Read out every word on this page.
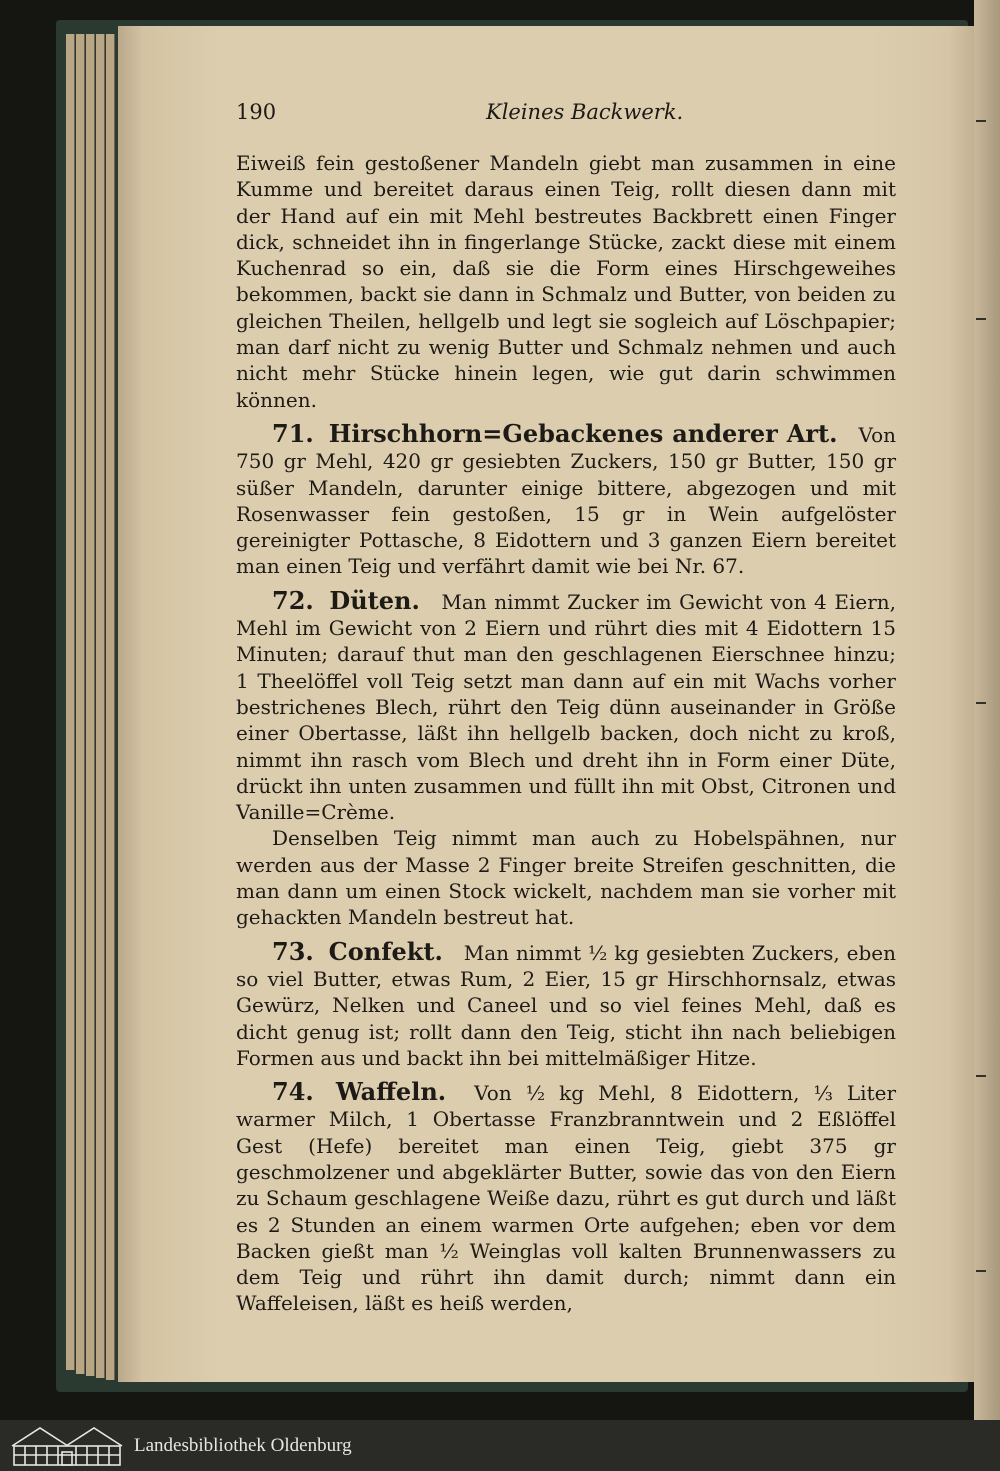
190	Kleines Backwerk.

Eiweiß fein gestoßener Mandeln giebt man zusammen in eine Kumme und bereitet daraus einen Teig, rollt diesen dann mit der Hand auf ein mit Mehl bestreutes Backbrett einen Finger dick, schneidet ihn in fingerlange Stücke, zackt diese mit einem Kuchenrad so ein, daß sie die Form eines Hirschgeweihes bekommen, backt sie dann in Schmalz und Butter, von beiden zu gleichen Theilen, hellgelb und legt sie sogleich auf Löschpapier; man darf nicht zu wenig Butter und Schmalz nehmen und auch nicht mehr Stücke hinein legen, wie gut darin schwimmen können.

71. Hirschhorn=Gebackenes anderer Art. Von 750 gr Mehl, 420 gr gesiebten Zuckers, 150 gr Butter, 150 gr süßer Mandeln, darunter einige bittere, abgezogen und mit Rosenwasser fein gestoßen, 15 gr in Wein aufgelöster gereinigter Pottasche, 8 Eidottern und 3 ganzen Eiern bereitet man einen Teig und verfährt damit wie bei Nr. 67.

72. Düten. Man nimmt Zucker im Gewicht von 4 Eiern, Mehl im Gewicht von 2 Eiern und rührt dies mit 4 Eidottern 15 Minuten; darauf thut man den geschlagenen Eierschnee hinzu; 1 Theelöffel voll Teig setzt man dann auf ein mit Wachs vorher bestrichenes Blech, rührt den Teig dünn auseinander in Größe einer Obertasse, läßt ihn hellgelb backen, doch nicht zu kroß, nimmt ihn rasch vom Blech und dreht ihn in Form einer Düte, drückt ihn unten zusammen und füllt ihn mit Obst, Citronen und Vanille=Crème.

Denselben Teig nimmt man auch zu Hobelspähnen, nur werden aus der Masse 2 Finger breite Streifen geschnitten, die man dann um einen Stock wickelt, nachdem man sie vorher mit gehackten Mandeln bestreut hat.

73. Confekt. Man nimmt ½ kg gesiebten Zuckers, eben so viel Butter, etwas Rum, 2 Eier, 15 gr Hirschhornsalz, etwas Gewürz, Nelken und Caneel und so viel feines Mehl, daß es dicht genug ist; rollt dann den Teig, sticht ihn nach beliebigen Formen aus und backt ihn bei mittelmäßiger Hitze.

74. Waffeln. Von ½ kg Mehl, 8 Eidottern, ⅓ Liter warmer Milch, 1 Obertasse Franzbranntwein und 2 Eßlöffel Gest (Hefe) bereitet man einen Teig, giebt 375 gr geschmolzener und abgeklärter Butter, sowie das von den Eiern zu Schaum geschlagene Weiße dazu, rührt es gut durch und läßt es 2 Stunden an einem warmen Orte aufgehen; eben vor dem Backen gießt man ½ Weinglas voll kalten Brunnenwassers zu dem Teig und rührt ihn damit durch; nimmt dann ein Waffeleisen, läßt es heiß werden,

Landesbibliothek Oldenburg
